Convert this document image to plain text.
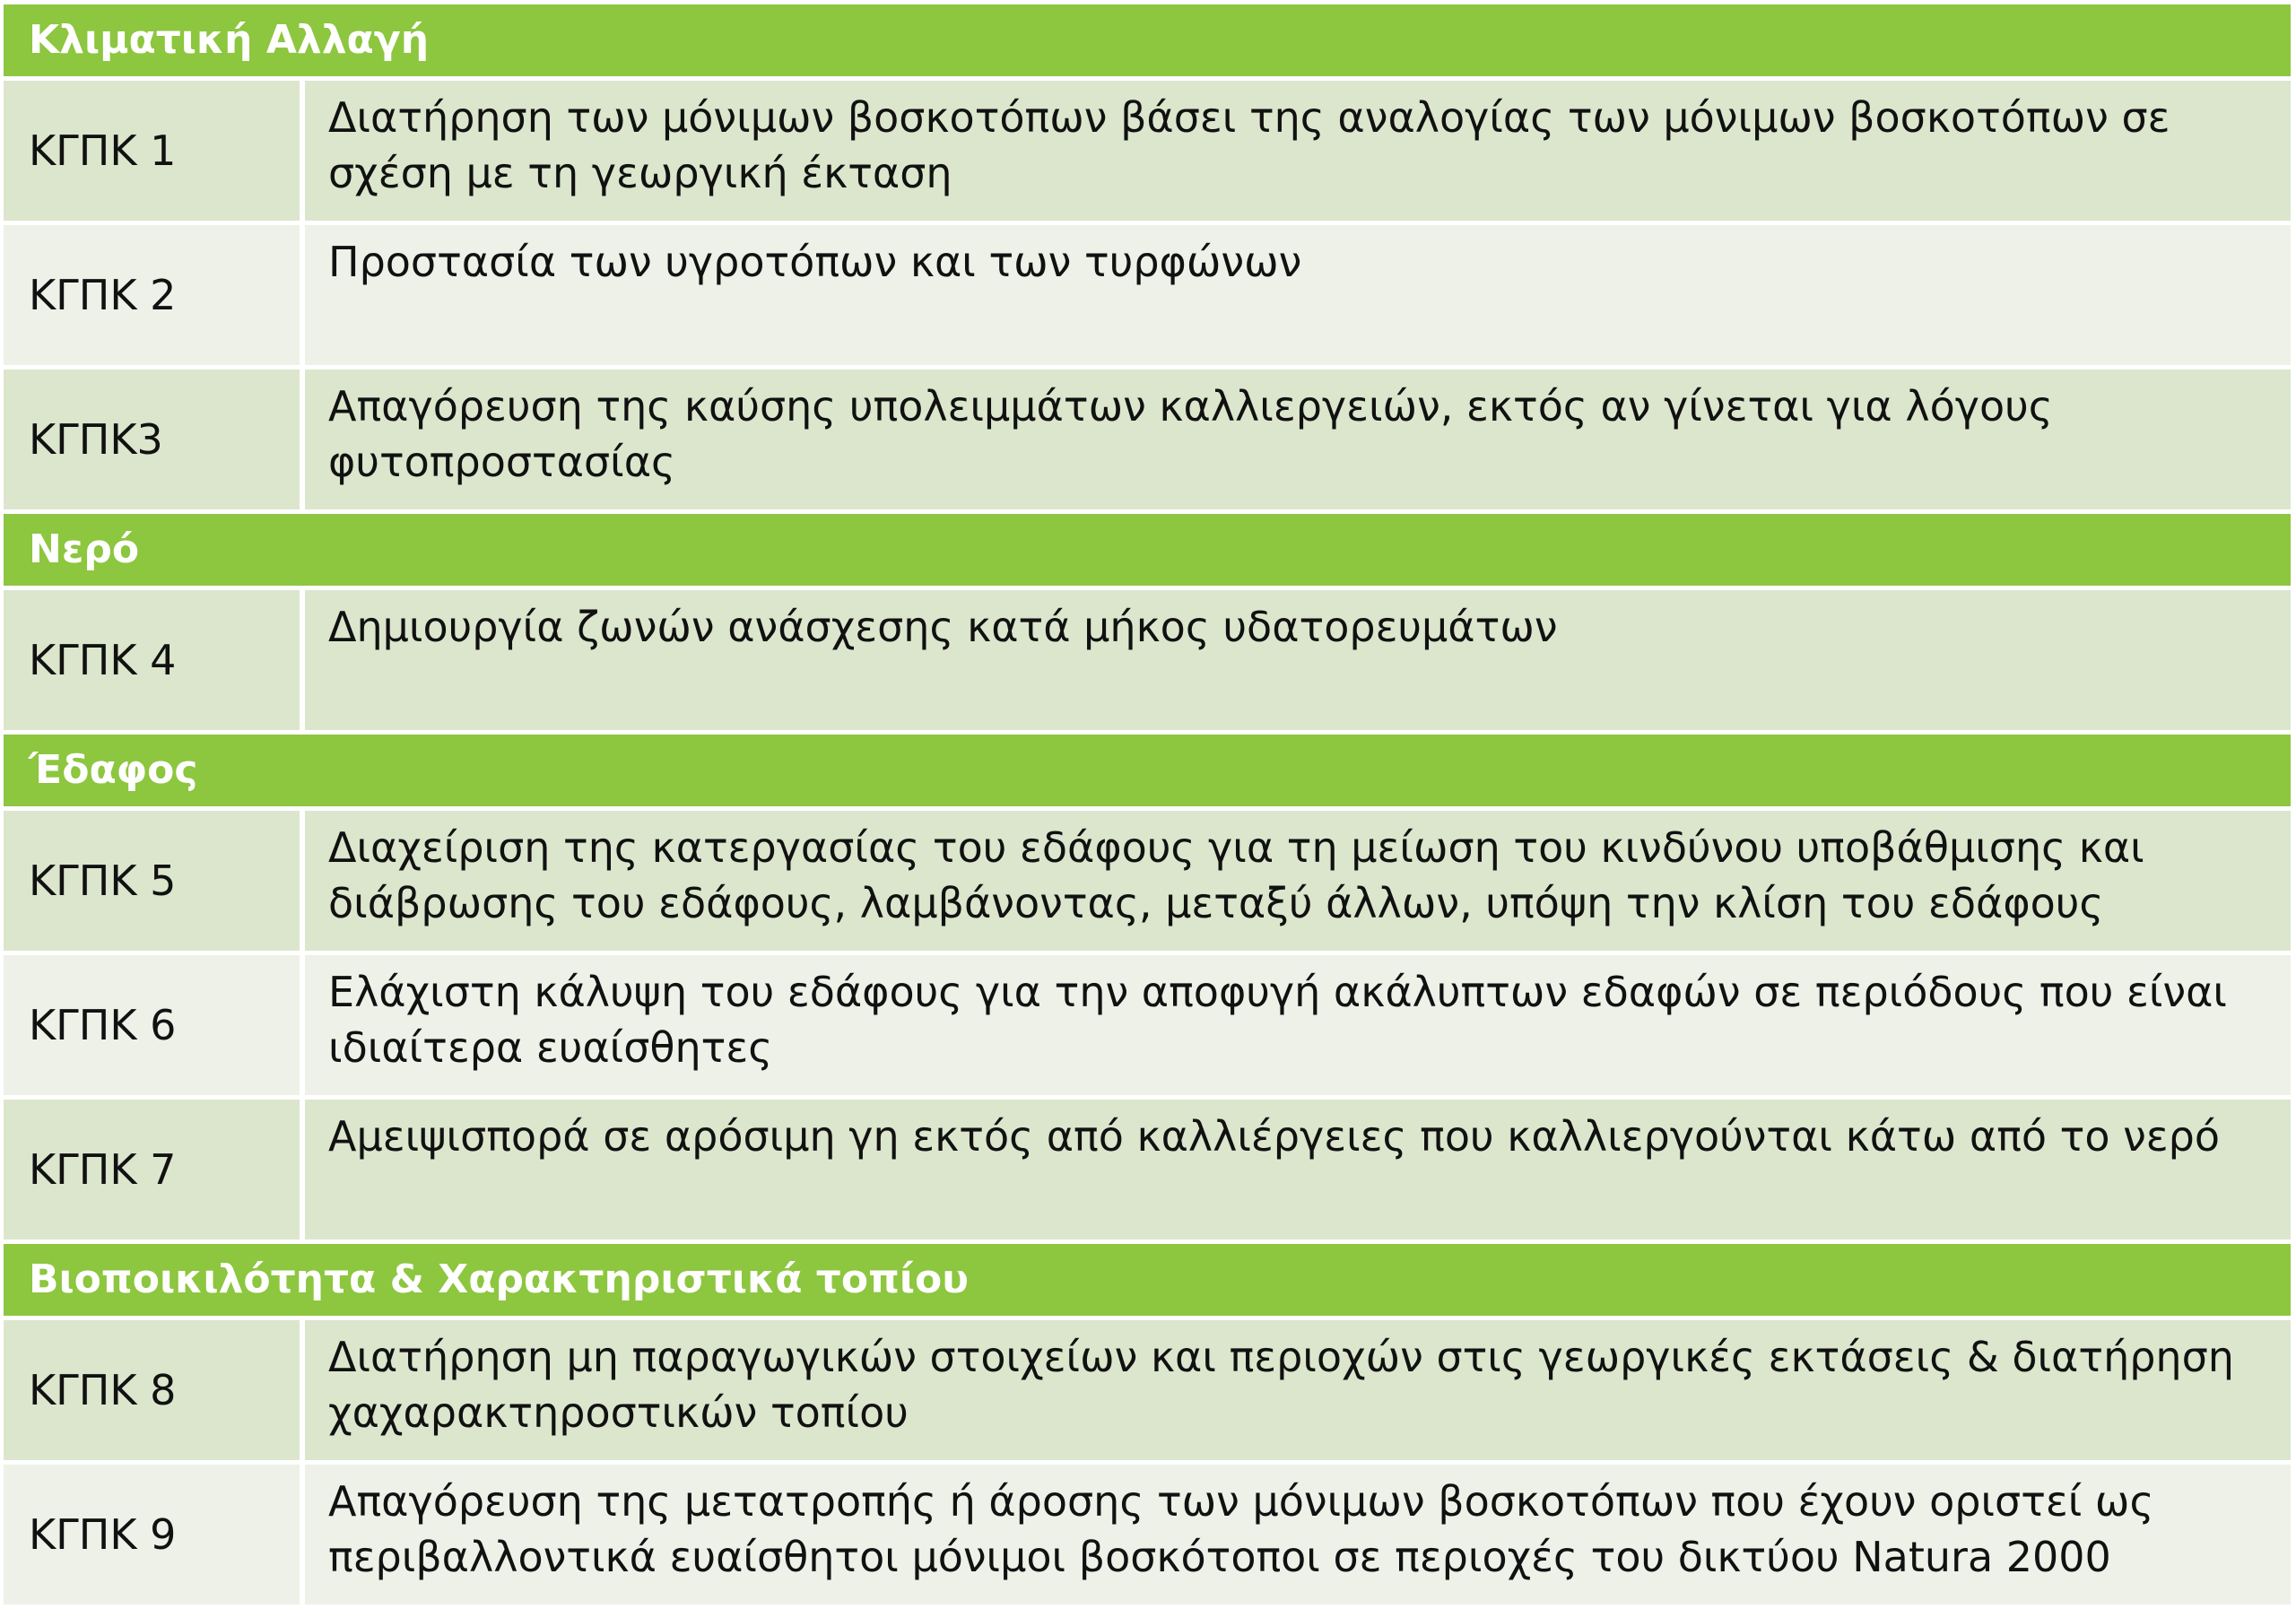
Κλιματική Αλλαγή	
ΚΓΠΚ 1	Διατήρηση των μόνιμων βοσκοτόπων βάσει της αναλογίας των μόνιμων βοσκοτόπων σε σχέση με τη γεωργική έκταση
ΚΓΠΚ 2	Προστασία των υγροτόπων και των τυρφώνων
ΚΓΠΚ3	Απαγόρευση της καύσης υπολειμμάτων καλλιεργειών, εκτός αν γίνεται για λόγους φυτοπροστασίας
Νερό	
ΚΓΠΚ 4	Δημιουργία ζωνών ανάσχεσης κατά μήκος υδατορευμάτων
Έδαφος	
ΚΓΠΚ 5	Διαχείριση της κατεργασίας του εδάφους για τη μείωση του κινδύνου υποβάθμισης και διάβρωσης του εδάφους, λαμβάνοντας, μεταξύ άλλων, υπόψη την κλίση του εδάφους
ΚΓΠΚ 6	Ελάχιστη κάλυψη του εδάφους για την αποφυγή ακάλυπτων εδαφών σε περιόδους που είναι ιδιαίτερα ευαίσθητες
ΚΓΠΚ 7	Αμειψισπορά σε αρόσιμη γη εκτός από καλλιέργειες που καλλιεργούνται κάτω από το νερό
Βιοποικιλότητα & Χαρακτηριστικά τοπίου	
ΚΓΠΚ 8	Διατήρηση μη παραγωγικών στοιχείων και περιοχών στις γεωργικές εκτάσεις & διατήρηση χαχαρακτηροστικών τοπίου
ΚΓΠΚ 9	Απαγόρευση της μετατροπής ή άροσης των μόνιμων βοσκοτόπων που έχουν οριστεί ως περιβαλλοντικά ευαίσθητοι μόνιμοι βοσκότοποι σε περιοχές του δικτύου Natura 2000
